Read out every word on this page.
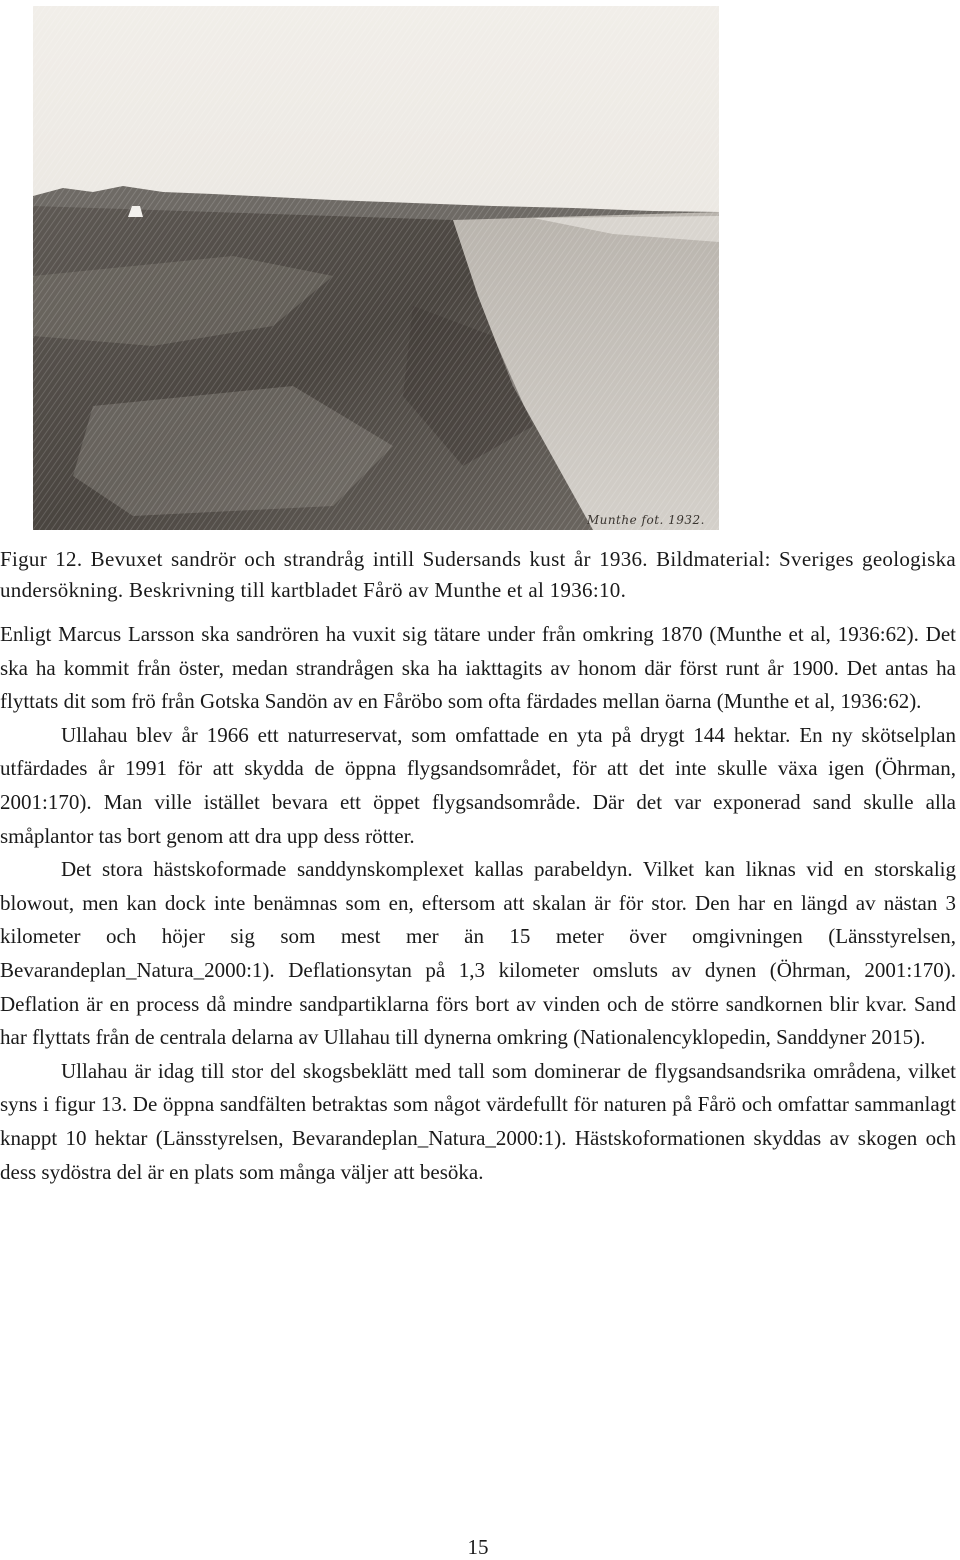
Munthe fot. 1932.
Figur 12. Bevuxet sandrör och strandråg intill Sudersands kust år 1936. Bildmaterial: Sveriges geologiska undersökning. Beskrivning till kartbladet Fårö av Munthe et al 1936:10.

Enligt Marcus Larsson ska sandrören ha vuxit sig tätare under från omkring 1870 (Munthe et al, 1936:62). Det ska ha kommit från öster, medan strandrågen ska ha iakttagits av honom där först runt år 1900. Det antas ha flyttats dit som frö från Gotska Sandön av en Fåröbo som ofta färdades mellan öarna (Munthe et al, 1936:62).

Ullahau blev år 1966 ett naturreservat, som omfattade en yta på drygt 144 hektar. En ny skötselplan utfärdades år 1991 för att skydda de öppna flygsandsområdet, för att det inte skulle växa igen (Öhrman, 2001:170). Man ville istället bevara ett öppet flygsandsområde. Där det var exponerad sand skulle alla småplantor tas bort genom att dra upp dess rötter.

Det stora hästskoformade sanddynskomplexet kallas parabeldyn. Vilket kan liknas vid en storskalig blowout, men kan dock inte benämnas som en, eftersom att skalan är för stor. Den har en längd av nästan 3 kilometer och höjer sig som mest mer än 15 meter över omgivningen (Länsstyrelsen, Bevarandeplan_Natura_2000:1). Deflationsytan på 1,3 kilometer omsluts av dynen (Öhrman, 2001:170). Deflation är en process då mindre sandpartiklarna förs bort av vinden och de större sandkornen blir kvar. Sand har flyttats från de centrala delarna av Ullahau till dynerna omkring (Nationalencyklopedin, Sanddyner 2015).

Ullahau är idag till stor del skogsbeklätt med tall som dominerar de flygsandsandsrika områdena, vilket syns i figur 13. De öppna sandfälten betraktas som något värdefullt för naturen på Fårö och omfattar sammanlagt knappt 10 hektar (Länsstyrelsen, Bevarandeplan_Natura_2000:1). Hästskoformationen skyddas av skogen och dess sydöstra del är en plats som många väljer att besöka.

15
